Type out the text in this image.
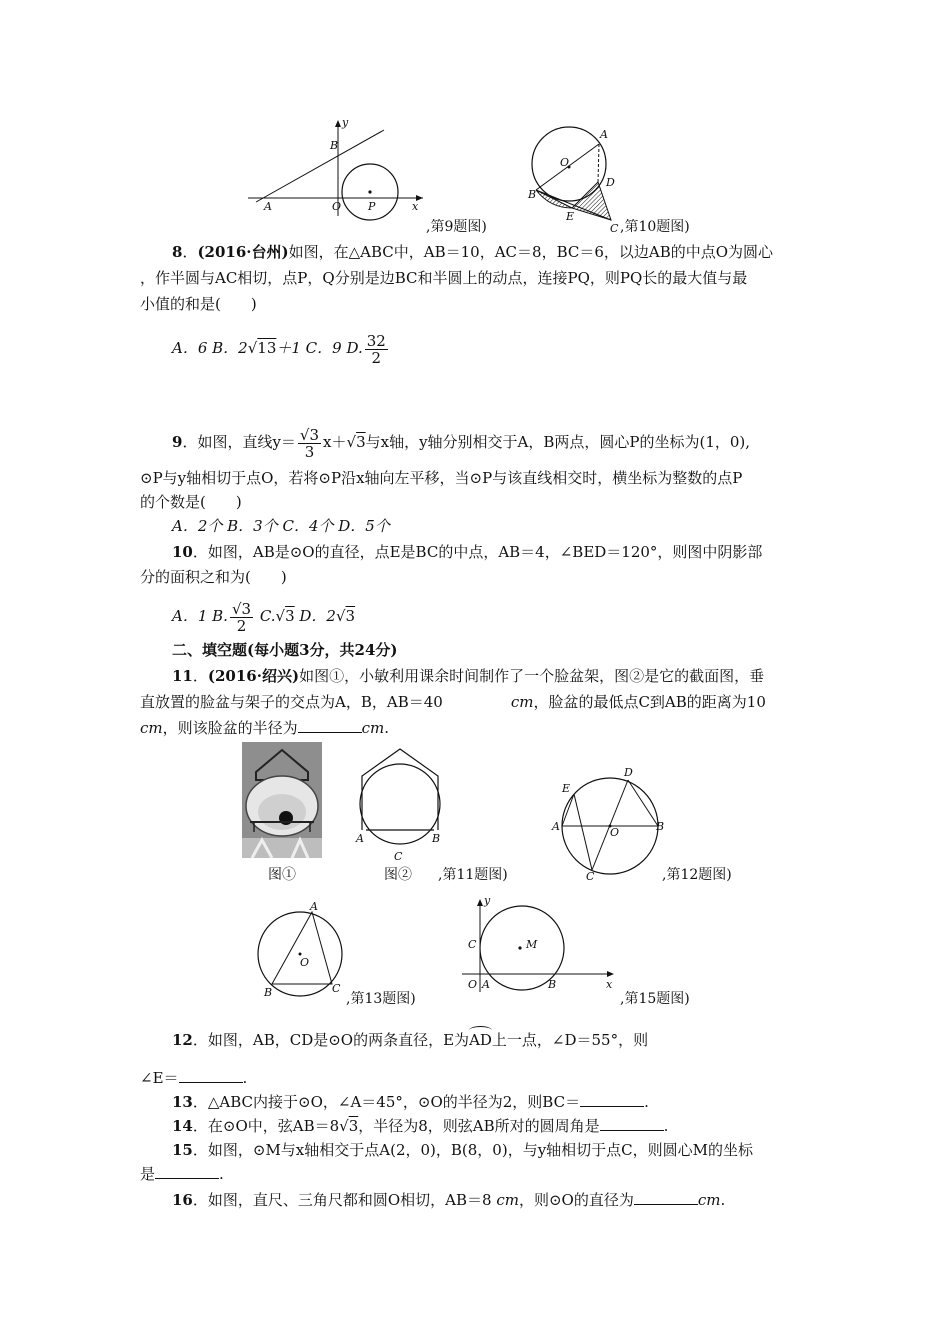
y
x
A
B
O P
,第9题图)
A
O
B
D
E
C ,第10题图)
8．(2016·台州)如图，在△ABC中，AB＝10，AC＝8，BC＝6，以边AB的中点O为圆心
，作半圆与AC相切，点P，Q分别是边BC和半圆上的动点，连接PQ，则PQ长的最大值与最
小值的和是(　　)
A．6 B．2√13＋1 C．9 D. $\frac{32}{2}$
9．如图，直线$y= \frac{√3}{3} x+√3$与x轴，y轴分别相交于A，B两点，圆心P的坐标为(1，0),
⊙P与y轴相切于点O，若将⊙P沿x轴向左平移，当⊙P与该直线相交时，横坐标为整数的点P
的个数是(　　)
A．2个 B．3个 C．4个 D．5个
10．如图，AB是⊙O的直径，点E是BC的中点，AB＝4，∠BED＝120°，则图中阴影部
分的面积之和为(　　)
A．1 B. $\frac{√3}{2} C.√3$ D．2√3
二、填空题(每小题3分，共24分)
11．(2016·绍兴)如图①，小敏利用课余时间制作了一个脸盆架，图②是它的截面图，垂
直放置的脸盆与架子的交点为A，B，AB＝40	cm，脸盆的最低点C到AB的距离为10
cm，则该脸盆的半径为	cm.
A	B
C
图①	图② ,第11题图)
E
D
A	O	B
C	,第12题图)
A
O
B	C
,第13题图)
y
x
C	M
O A	B
,第15题图)
12．如图，AB，CD是⊙O的两条直径，E为
AD上一点，∠D＝55°，则
∠E＝	.
13．△ABC内接于⊙O，∠A＝45°，⊙O的半径为2，则BC＝	.
14．在⊙O中，弦AB＝8√3，半径为8，则弦AB所对的圆周角是	.
15．如图，⊙M与x轴相交于点A(2，0)，B(8，0)，与y轴相切于点C，则圆心M的坐标
是	.
16．如图，直尺、三角尺都和圆O相切，AB＝8 cm，则⊙O的直径为	cm.
